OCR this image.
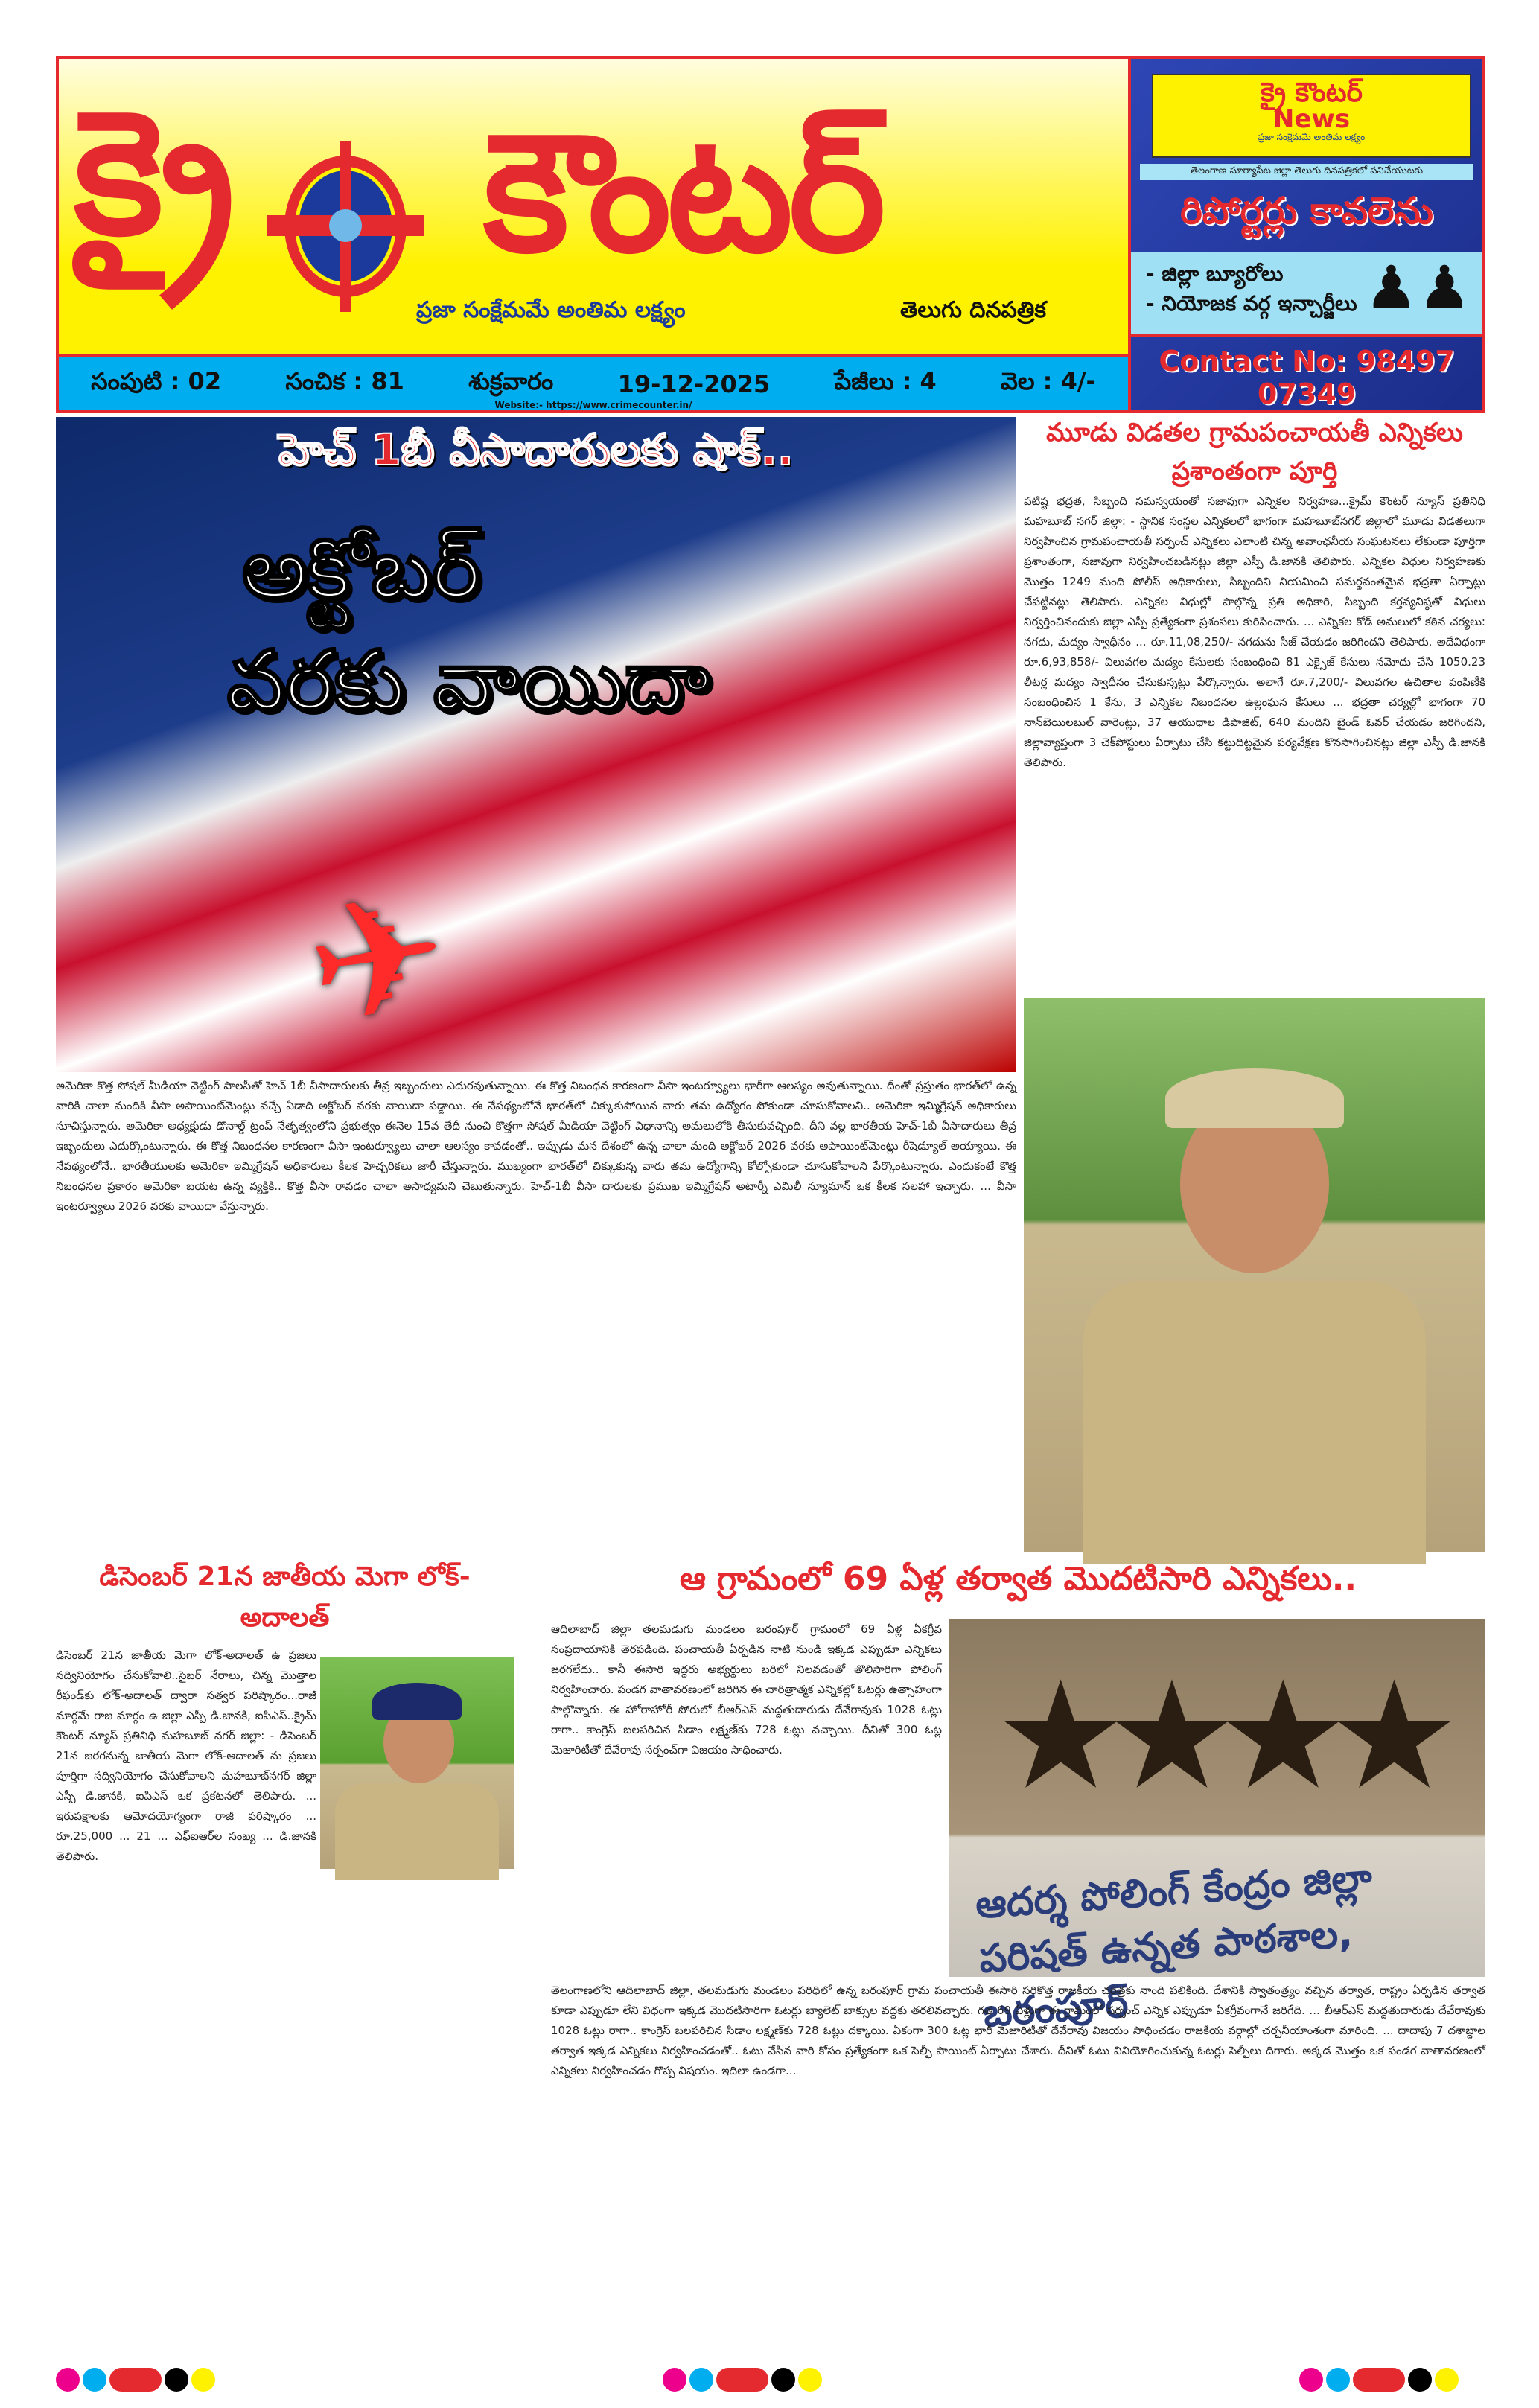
క్రై కౌంటర్
ప్రజా సంక్షేమమే అంతిమ లక్ష్యం	తెలుగు దినపత్రిక
సంపుటి : 02	సంచిక : 81	శుక్రవారం	19-12-2025	పేజీలు : 4	వెల : 4/-
Website:- https://www.crimecounter.in/
క్రై కౌంటర్
News
ప్రజా సంక్షేమమే అంతిమ లక్ష్యం
తెలంగాణ సూర్యాపేట జిల్లా తెలుగు దినపత్రికలో పనిచేయుటకు
రిపోర్టర్లు కావలెను
- జిల్లా బ్యూరోలు
- నియోజక వర్గ ఇన్చార్జీలు ♟♟
Contact No: 98497 07349
హెచ్ 1బీ వీసాదారులకు షాక్..
అక్టోబర్
వరకు వాయిదా
✈
అమెరికా కొత్త సోషల్ మీడియా వెట్టింగ్ పాలసీతో హెచ్ 1బీ వీసాదారులకు తీవ్ర ఇబ్బందులు ఎదురవుతున్నాయి. ఈ కొత్త నిబంధన కారణంగా వీసా ఇంటర్వ్యూలు భారీగా ఆలస్యం అవుతున్నాయి. దీంతో ప్రస్తుతం భారత్‌లో ఉన్న వారికి చాలా మందికి వీసా అపాయింట్‌మెంట్లు వచ్చే ఏడాది అక్టోబర్ వరకు వాయిదా పడ్డాయి. ఈ నేపథ్యంలోనే భారత్‌లో చిక్కుకుపోయిన వారు తమ ఉద్యోగం పోకుండా చూసుకోవాలని.. అమెరికా ఇమ్మిగ్రేషన్ అధికారులు సూచిస్తున్నారు. అమెరికా అధ్యక్షుడు డొనాల్డ్ ట్రంప్ నేతృత్వంలోని ప్రభుత్వం ఈనెల 15వ తేదీ నుంచి కొత్తగా సోషల్ మీడియా వెట్టింగ్ విధానాన్ని అమలులోకి తీసుకువచ్చింది. దీని వల్ల భారతీయ హెచ్-1బీ వీసాదారులు తీవ్ర ఇబ్బందులు ఎదుర్కొంటున్నారు. ఈ కొత్త నిబంధనల కారణంగా వీసా ఇంటర్వ్యూలు చాలా ఆలస్యం కావడంతో.. ఇప్పుడు మన దేశంలో ఉన్న చాలా మంది అక్టోబర్ 2026 వరకు అపాయింట్‌మెంట్లు రీషెడ్యూల్ అయ్యాయి. ఈ నేపథ్యంలోనే.. భారతీయులకు అమెరికా ఇమ్మిగ్రేషన్ అధికారులు కీలక హెచ్చరికలు జారీ చేస్తున్నారు. ముఖ్యంగా భారత్‌లో చిక్కుకున్న వారు తమ ఉద్యోగాన్ని కోల్పోకుండా చూసుకోవాలని పేర్కొంటున్నారు. ఎందుకంటే కొత్త నిబంధనల ప్రకారం అమెరికా బయట ఉన్న వ్యక్తికి.. కొత్త వీసా రావడం చాలా అసాధ్యమని చెబుతున్నారు. హెచ్-1బీ వీసా దారులకు ప్రముఖ ఇమ్మిగ్రేషన్ అటార్నీ ఎమిలీ న్యూమాన్ ఒక కీలక సలహా ఇచ్చారు. ... వీసా ఇంటర్వ్యూలు 2026 వరకు వాయిదా వేస్తున్నారు.
మూడు విడతల గ్రామపంచాయతీ ఎన్నికలు ప్రశాంతంగా పూర్తి
పటిష్ట భద్రత, సిబ్బంది సమన్వయంతో సజావుగా ఎన్నికల నిర్వహణ...క్రైమ్ కౌంటర్ న్యూస్ ప్రతినిధి మహబూబ్ నగర్ జిల్లా: - స్థానిక సంస్థల ఎన్నికలలో భాగంగా మహబూబ్‌నగర్ జిల్లాలో మూడు విడతలుగా నిర్వహించిన గ్రామపంచాయతీ సర్పంచ్ ఎన్నికలు ఎలాంటి చిన్న అవాంఛనీయ సంఘటనలు లేకుండా పూర్తిగా ప్రశాంతంగా, సజావుగా నిర్వహించబడినట్లు జిల్లా ఎస్పీ డి.జానకి తెలిపారు. ఎన్నికల విధుల నిర్వహణకు మొత్తం 1249 మంది పోలీస్ అధికారులు, సిబ్బందిని నియమించి సమర్థవంతమైన భద్రతా ఏర్పాట్లు చేపట్టినట్లు తెలిపారు. ఎన్నికల విధుల్లో పాల్గొన్న ప్రతి అధికారి, సిబ్బంది కర్తవ్యనిష్ఠతో విధులు నిర్వర్తించినందుకు జిల్లా ఎస్పీ ప్రత్యేకంగా ప్రశంసలు కురిపించారు. ... ఎన్నికల కోడ్ అమలులో కఠిన చర్యలు: నగదు, మద్యం స్వాధీనం ... రూ.11,08,250/- నగదును సీజ్ చేయడం జరిగిందని తెలిపారు. అదేవిధంగా రూ.6,93,858/- విలువగల మద్యం కేసులకు సంబంధించి 81 ఎక్సైజ్ కేసులు నమోదు చేసి 1050.23 లీటర్ల మద్యం స్వాధీనం చేసుకున్నట్లు పేర్కొన్నారు. అలాగే రూ.7,200/- విలువగల ఉచితాల పంపిణీకి సంబంధించిన 1 కేసు, 3 ఎన్నికల నిబంధనల ఉల్లంఘన కేసులు ... భద్రతా చర్యల్లో భాగంగా 70 నాన్‌బెయిలబుల్ వారెంట్లు, 37 ఆయుధాల డిపాజిట్, 640 మందిని బైండ్ ఓవర్ చేయడం జరిగిందని, జిల్లావ్యాప్తంగా 3 చెక్‌పోస్టులు ఏర్పాటు చేసి కట్టుదిట్టమైన పర్యవేక్షణ కొనసాగించినట్లు జిల్లా ఎస్పీ డి.జానకి తెలిపారు.
డిసెంబర్ 21న జాతీయ మెగా లోక్-అదాలత్
డిసెంబర్ 21న జాతీయ మెగా లోక్-అదాలత్ ఉ ప్రజలు సద్వినియోగం చేసుకోవాలి..సైబర్ నేరాలు, చిన్న మొత్తాల రీఫండ్‌కు లోక్-అదాలత్ ద్వారా సత్వర పరిష్కారం...రాజీ మార్గమే రాజ మార్గం ఉ జిల్లా ఎస్పీ డి.జానకి, ఐపిఎస్..క్రైమ్ కౌంటర్ న్యూస్ ప్రతినిధి మహబూబ్ నగర్ జిల్లా: - డిసెంబర్ 21న జరగనున్న జాతీయ మెగా లోక్-అదాలత్ ను ప్రజలు పూర్తిగా సద్వినియోగం చేసుకోవాలని మహబూబ్‌నగర్ జిల్లా ఎస్పీ డి.జానకి, ఐపిఎస్ ఒక ప్రకటనలో తెలిపారు. ... ఇరుపక్షాలకు ఆమోదయోగ్యంగా రాజీ పరిష్కారం ... రూ.25,000 ... 21 ... ఎఫ్ఐఆర్‌ల సంఖ్య ... డి.జానకి తెలిపారు.
ఆ గ్రామంలో 69 ఏళ్ల తర్వాత మొదటిసారి ఎన్నికలు..
ఆదిలాబాద్ జిల్లా తలమడుగు మండలం బరంపూర్ గ్రామంలో 69 ఏళ్ల ఏకగ్రీవ సంప్రదాయానికి తెరపడింది. పంచాయతీ ఏర్పడిన నాటి నుండి ఇక్కడ ఎప్పుడూ ఎన్నికలు జరగలేదు.. కానీ ఈసారి ఇద్దరు అభ్యర్థులు బరిలో నిలవడంతో తొలిసారిగా పోలింగ్ నిర్వహించారు. పండగ వాతావరణంలో జరిగిన ఈ చారిత్రాత్మక ఎన్నికల్లో ఓటర్లు ఉత్సాహంగా పాల్గొన్నారు. ఈ హోరాహోరీ పోరులో బీఆర్ఎస్ మద్దతుదారుడు దేవేరావుకు 1028 ఓట్లు రాగా.. కాంగ్రెస్ బలపరిచిన సిడాం లక్ష్మణ్‌కు 728 ఓట్లు వచ్చాయి. దీనితో 300 ఓట్ల మెజారిటీతో దేవేరావు సర్పంచ్‌గా విజయం సాధించారు.	★★★★
ఆదర్శ పోలింగ్ కేంద్రం జిల్లా పరిషత్ ఉన్నత పాఠశాల, బరంపూర్
తెలంగాణలోని ఆదిలాబాద్ జిల్లా, తలమడుగు మండలం పరిధిలో ఉన్న బరంపూర్ గ్రామ పంచాయతీ ఈసారి సరికొత్త రాజకీయ చరిత్రకు నాంది పలికింది. దేశానికి స్వాతంత్ర్యం వచ్చిన తర్వాత, రాష్ట్రం ఏర్పడిన తర్వాత కూడా ఎప్పుడూ లేని విధంగా ఇక్కడ మొదటిసారిగా ఓటర్లు బ్యాలెట్ బాక్సుల వద్దకు తరలివచ్చారు. గత 69 ఏళ్లుగా ఈ గ్రామంలో సర్పంచ్ ఎన్నిక ఎప్పుడూ ఏకగ్రీవంగానే జరిగేది. ... బీఆర్ఎస్ మద్దతుదారుడు దేవేరావుకు 1028 ఓట్లు రాగా.. కాంగ్రెస్ బలపరిచిన సిడాం లక్ష్మణ్‌కు 728 ఓట్లు దక్కాయి. ఏకంగా 300 ఓట్ల భారీ మెజారిటీతో దేవేరావు విజయం సాధించడం రాజకీయ వర్గాల్లో చర్చనీయాంశంగా మారింది. ... దాదాపు 7 దశాబ్దాల తర్వాత ఇక్కడ ఎన్నికలు నిర్వహించడంతో.. ఓటు వేసిన వారి కోసం ప్రత్యేకంగా ఒక సెల్ఫీ పాయింట్ ఏర్పాటు చేశారు. దీనితో ఓటు వినియోగించుకున్న ఓటర్లు సెల్ఫీలు దిగారు. అక్కడ మొత్తం ఒక పండగ వాతావరణంలో ఎన్నికలు నిర్వహించడం గొప్ప విషయం. ఇదిలా ఉండగా...
